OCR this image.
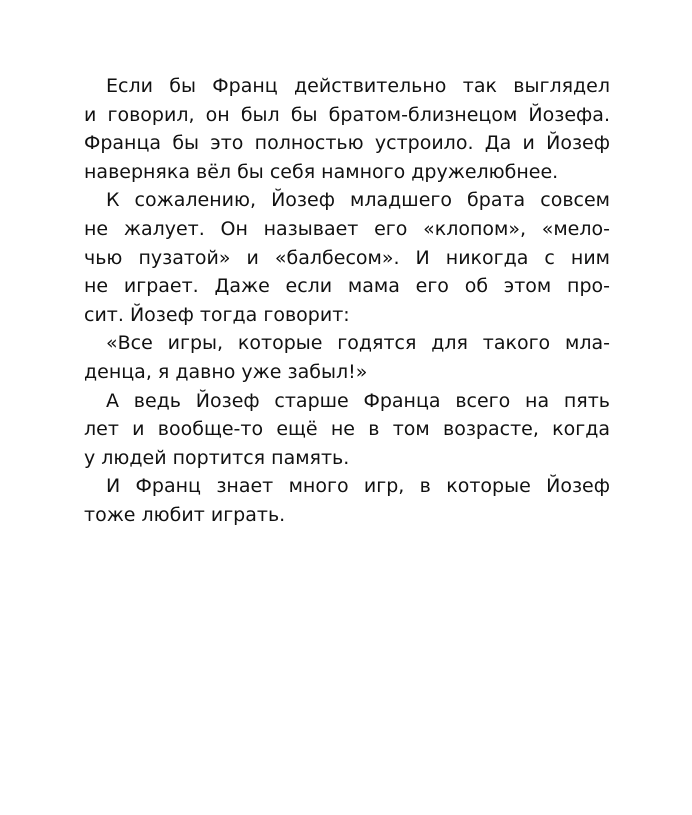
Если бы Франц действительно так выглядел
и говорил, он был бы братом-близнецом Йозефа.
Франца бы это полностью устроило. Да и Йозеф
наверняка вёл бы себя намного дружелюбнее.
К сожалению, Йозеф младшего брата совсем
не жалует. Он называет его «клопом», «мело-
чью пузатой» и «балбесом». И никогда с ним
не играет. Даже если мама его об этом про-
сит. Йозеф тогда говорит:
«Все игры, которые годятся для такого мла-
денца, я давно уже забыл!»
А ведь Йозеф старше Франца всего на пять
лет и вообще-то ещё не в том возрасте, когда
у людей портится память.
И Франц знает много игр, в которые Йозеф
тоже любит играть.
